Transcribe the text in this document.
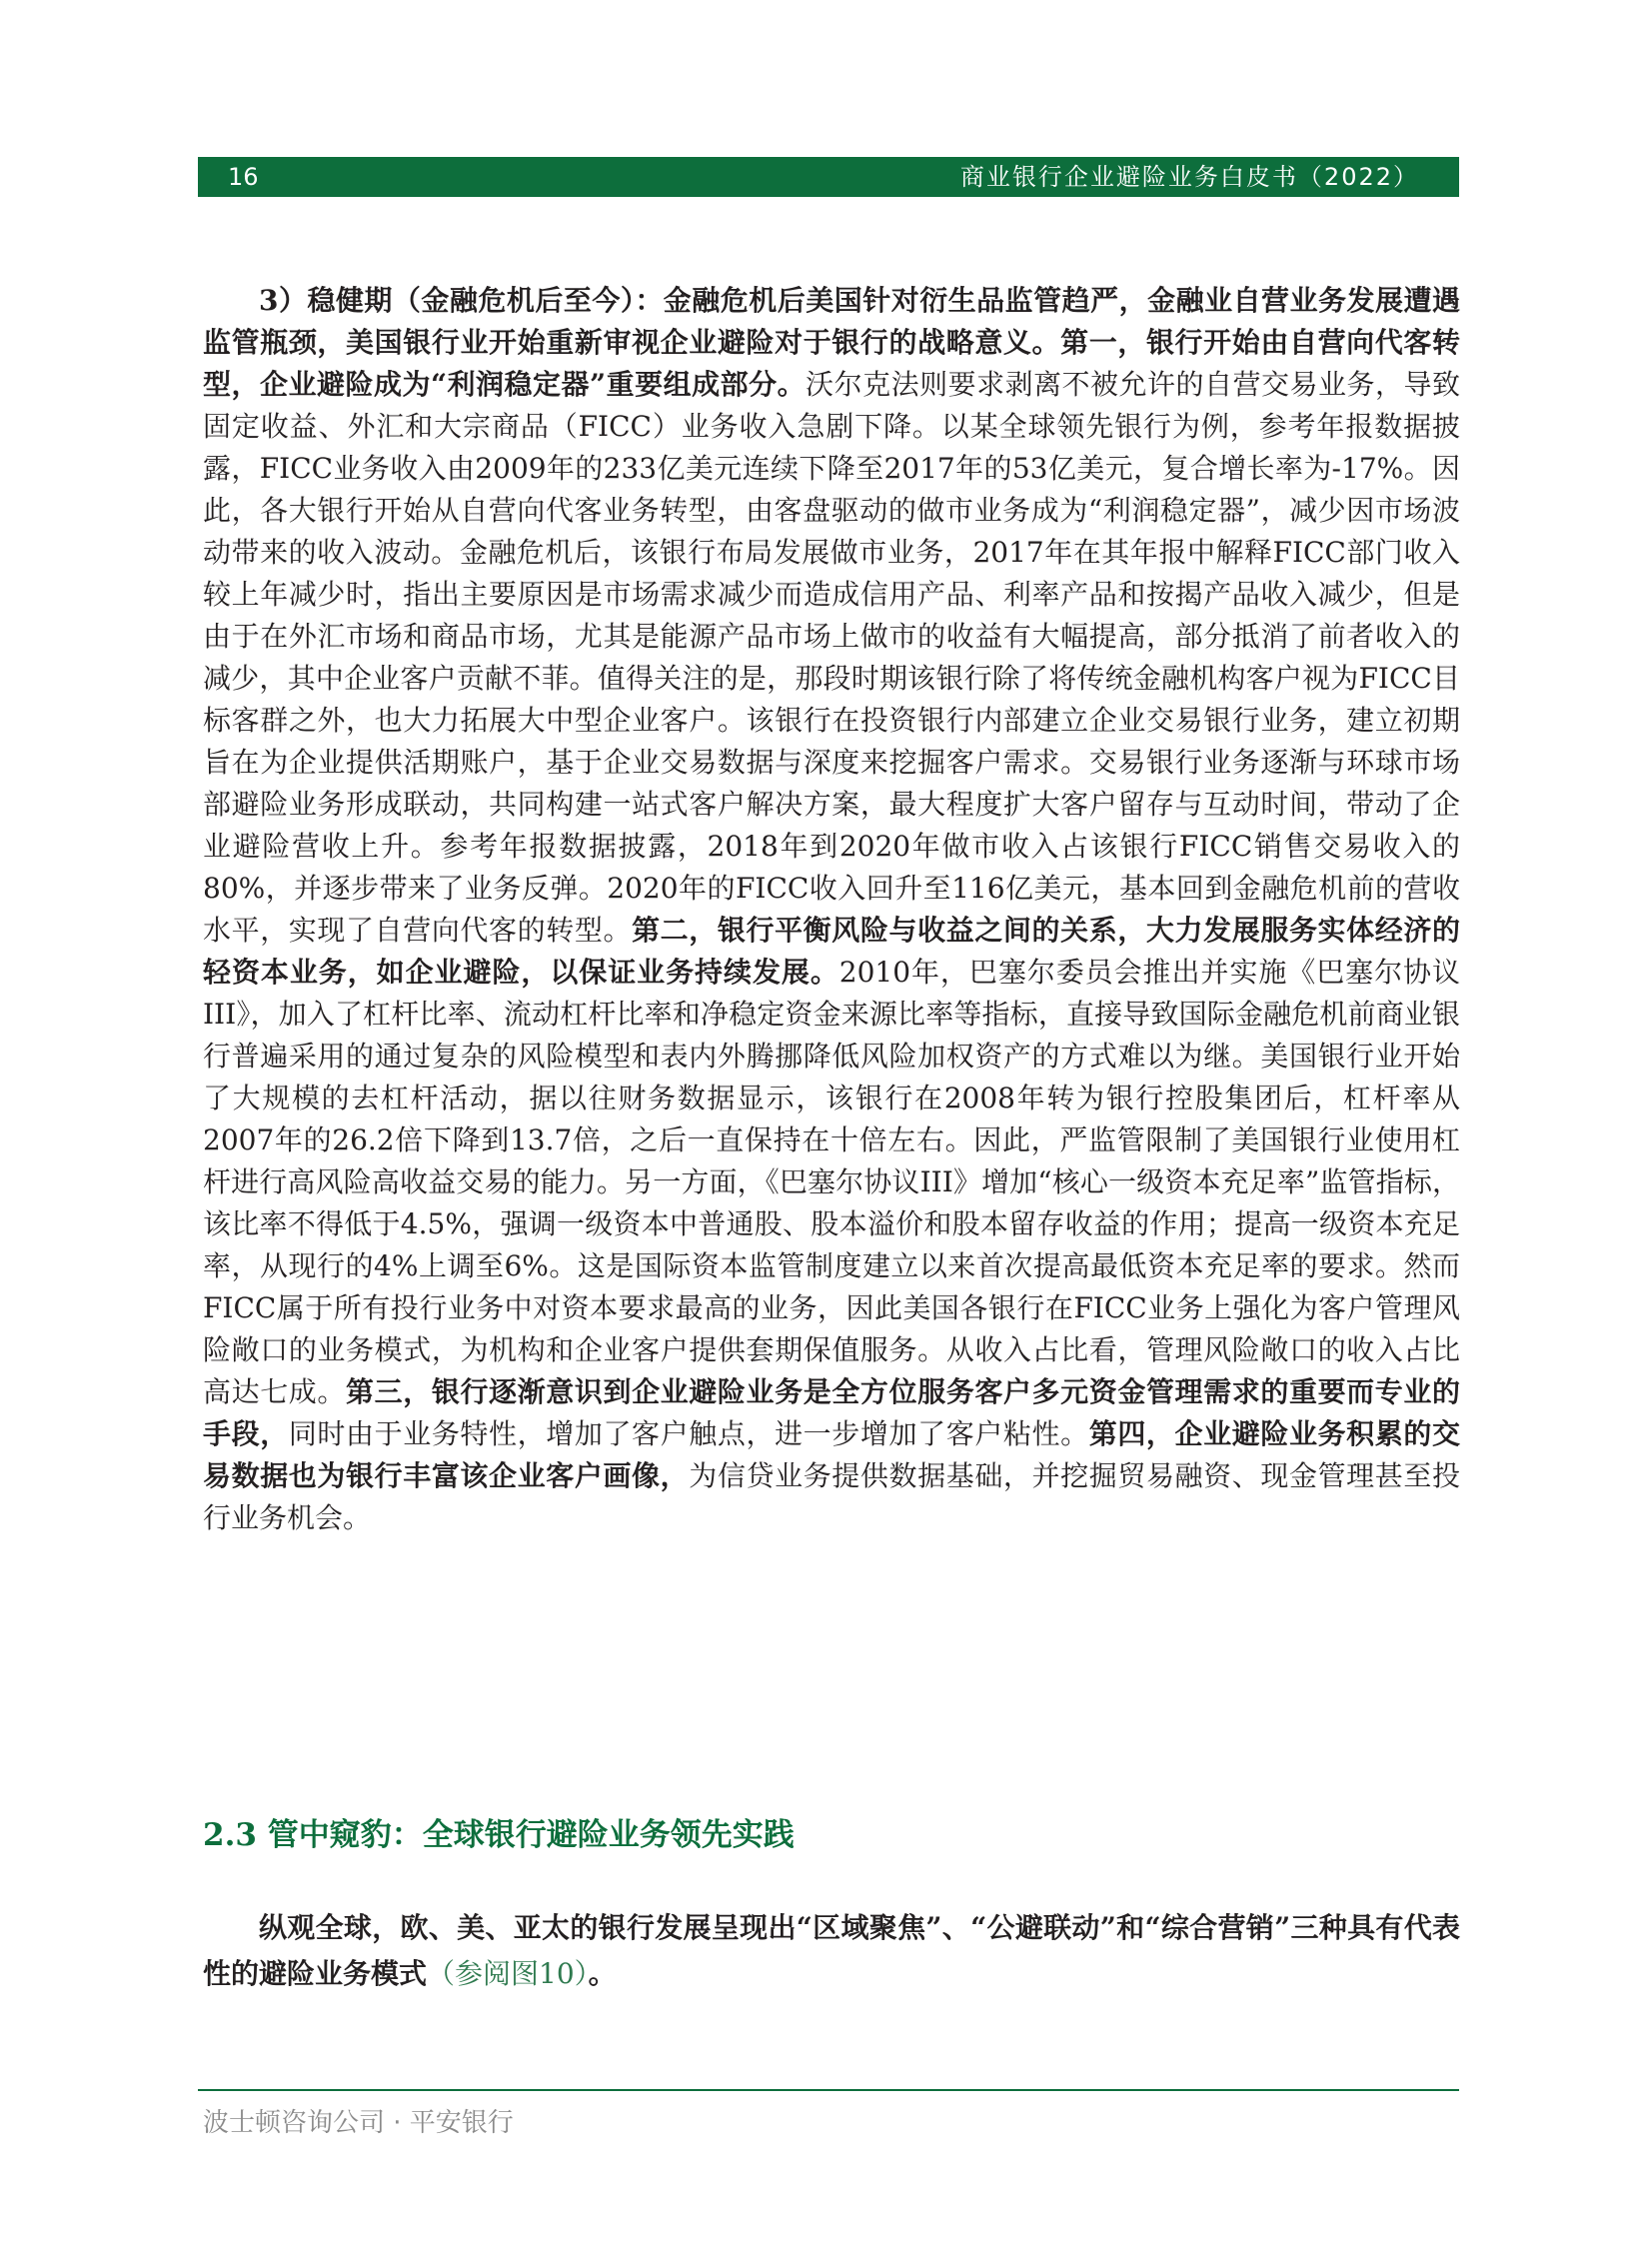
16	商业银行企业避险业务白皮书（2022）

3）稳健期（金融危机后至今）：金融危机后美国针对衍生品监管趋严，金融业自营业务发展遭遇监管瓶颈，美国银行业开始重新审视企业避险对于银行的战略意义。第一，银行开始由自营向代客转型，企业避险成为“利润稳定器”重要组成部分。沃尔克法则要求剥离不被允许的自营交易业务，导致固定收益、外汇和大宗商品（FICC）业务收入急剧下降。以某全球领先银行为例，参考年报数据披露，FICC业务收入由2009年的233亿美元连续下降至2017年的53亿美元，复合增长率为-17%。因此，各大银行开始从自营向代客业务转型，由客盘驱动的做市业务成为“利润稳定器”，减少因市场波动带来的收入波动。金融危机后，该银行布局发展做市业务，2017年在其年报中解释FICC部门收入较上年减少时，指出主要原因是市场需求减少而造成信用产品、利率产品和按揭产品收入减少，但是由于在外汇市场和商品市场，尤其是能源产品市场上做市的收益有大幅提高，部分抵消了前者收入的减少，其中企业客户贡献不菲。值得关注的是，那段时期该银行除了将传统金融机构客户视为FICC目标客群之外，也大力拓展大中型企业客户。该银行在投资银行内部建立企业交易银行业务，建立初期旨在为企业提供活期账户，基于企业交易数据与深度来挖掘客户需求。交易银行业务逐渐与环球市场部避险业务形成联动，共同构建一站式客户解决方案，最大程度扩大客户留存与互动时间，带动了企业避险营收上升。参考年报数据披露，2018年到2020年做市收入占该银行FICC销售交易收入的80%，并逐步带来了业务反弹。2020年的FICC收入回升至116亿美元，基本回到金融危机前的营收水平，实现了自营向代客的转型。第二，银行平衡风险与收益之间的关系，大力发展服务实体经济的轻资本业务，如企业避险，以保证业务持续发展。2010年，巴塞尔委员会推出并实施《巴塞尔协议III》，加入了杠杆比率、流动杠杆比率和净稳定资金来源比率等指标，直接导致国际金融危机前商业银行普遍采用的通过复杂的风险模型和表内外腾挪降低风险加权资产的方式难以为继。美国银行业开始了大规模的去杠杆活动，据以往财务数据显示，该银行在2008年转为银行控股集团后，杠杆率从2007年的26.2倍下降到13.7倍，之后一直保持在十倍左右。因此，严监管限制了美国银行业使用杠杆进行高风险高收益交易的能力。另一方面，《巴塞尔协议III》增加“核心一级资本充足率”监管指标，该比率不得低于4.5%，强调一级资本中普通股、股本溢价和股本留存收益的作用；提高一级资本充足率，从现行的4%上调至6%。这是国际资本监管制度建立以来首次提高最低资本充足率的要求。然而FICC属于所有投行业务中对资本要求最高的业务，因此美国各银行在FICC业务上强化为客户管理风险敞口的业务模式，为机构和企业客户提供套期保值服务。从收入占比看，管理风险敞口的收入占比高达七成。第三，银行逐渐意识到企业避险业务是全方位服务客户多元资金管理需求的重要而专业的手段，同时由于业务特性，增加了客户触点，进一步增加了客户粘性。第四，企业避险业务积累的交易数据也为银行丰富该企业客户画像，为信贷业务提供数据基础，并挖掘贸易融资、现金管理甚至投行业务机会。

2.3 管中窥豹：全球银行避险业务领先实践

纵观全球，欧、美、亚太的银行发展呈现出“区域聚焦”、“公避联动”和“综合营销”三种具有代表性的避险业务模式（参阅图10）。

波士顿咨询公司 · 平安银行
